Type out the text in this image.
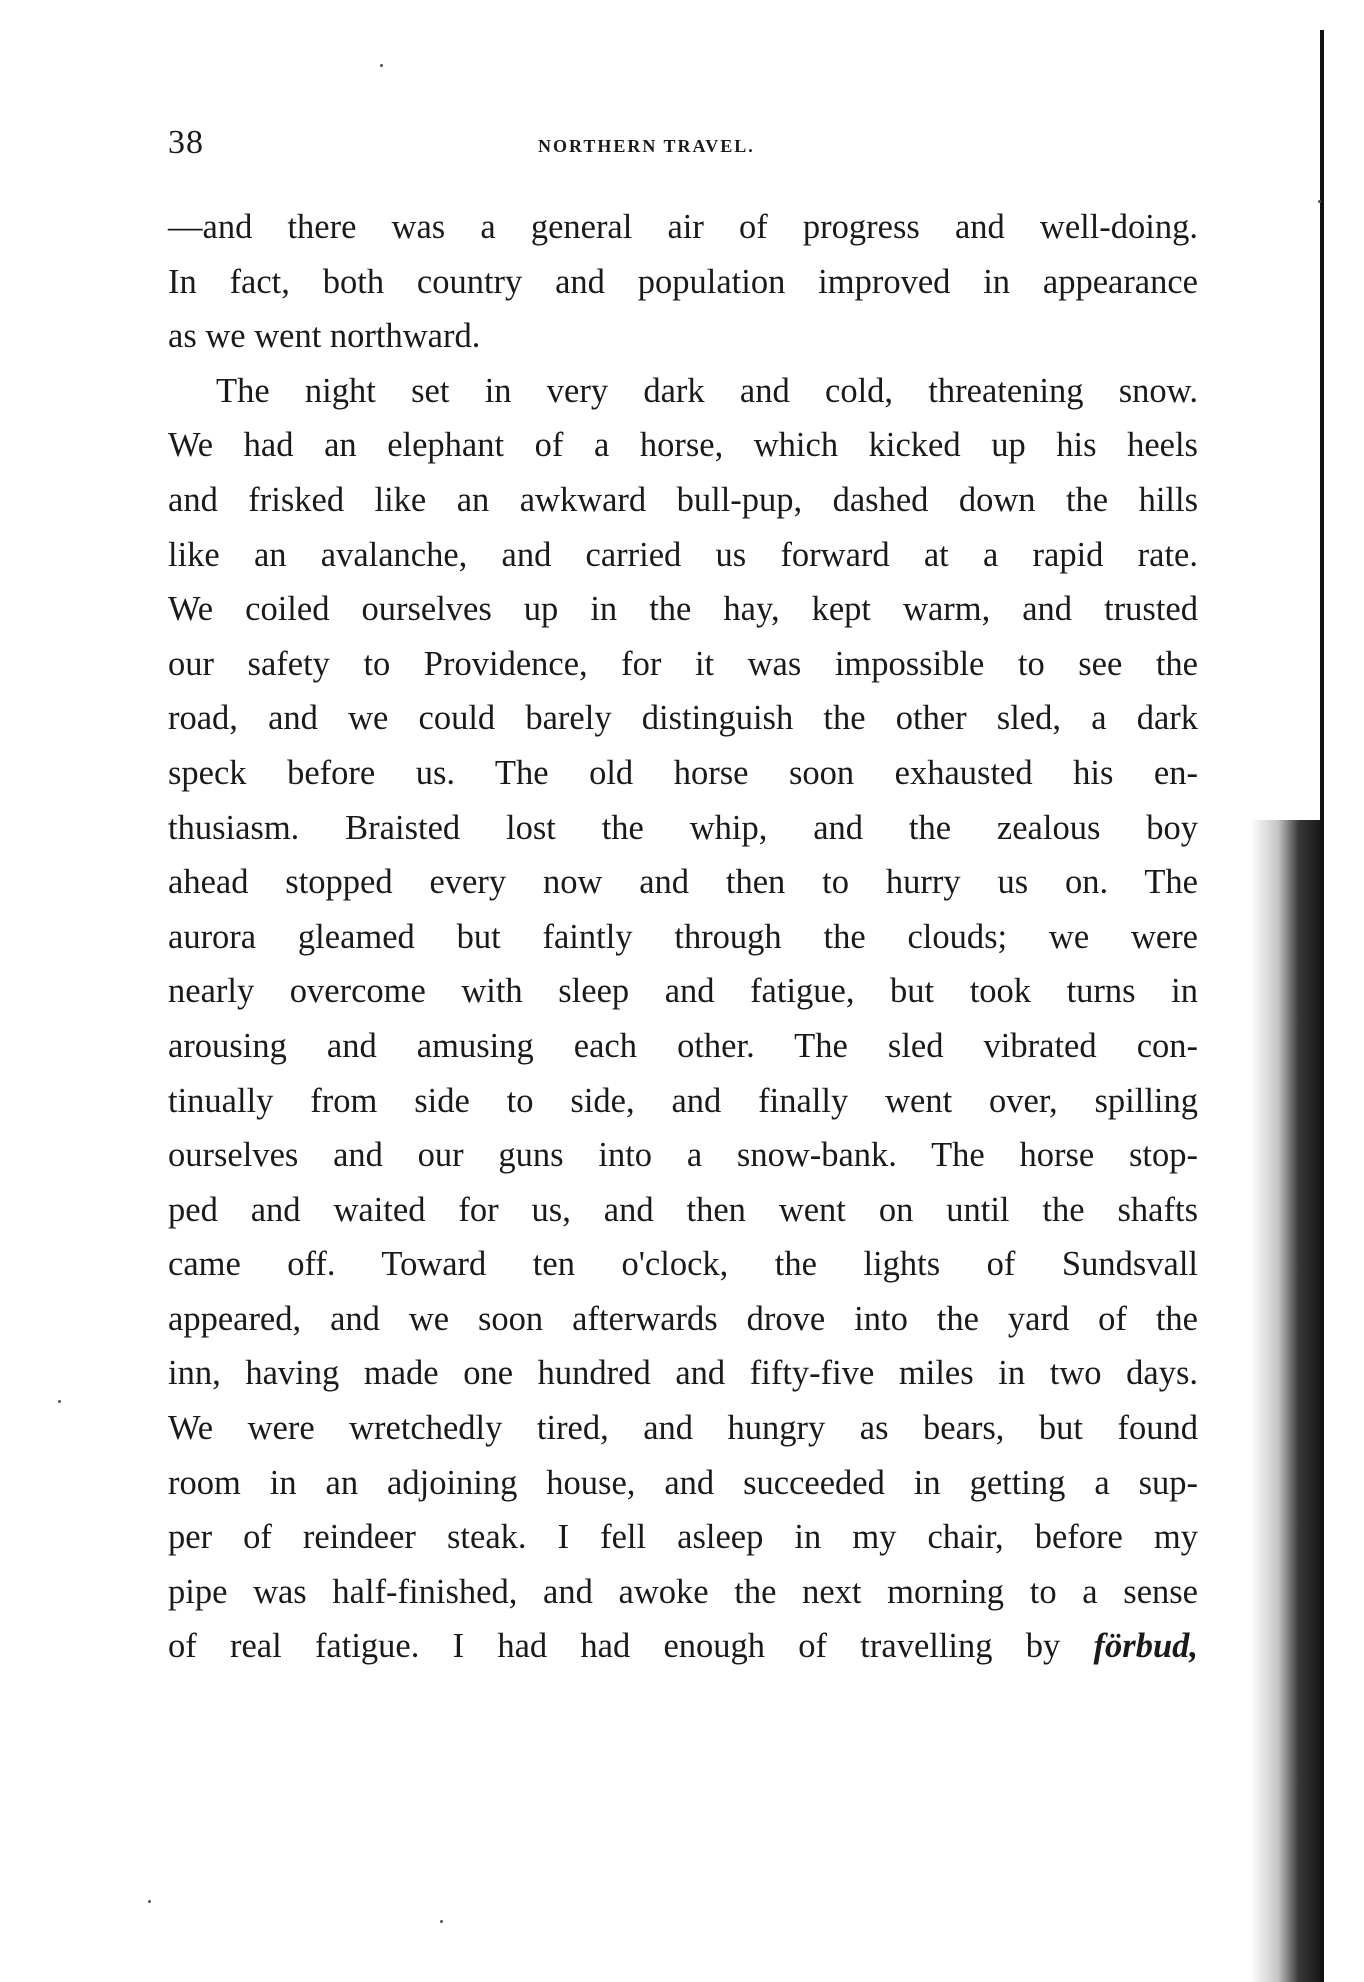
38	NORTHERN TRAVEL.
—and there was a general air of progress and well-doing.
In fact, both country and population improved in appearance
as we went northward.
The night set in very dark and cold, threatening snow.
We had an elephant of a horse, which kicked up his heels
and frisked like an awkward bull-pup, dashed down the hills
like an avalanche, and carried us forward at a rapid rate.
We coiled ourselves up in the hay, kept warm, and trusted
our safety to Providence, for it was impossible to see the
road, and we could barely distinguish the other sled, a dark
speck before us. The old horse soon exhausted his en-
thusiasm. Braisted lost the whip, and the zealous boy
ahead stopped every now and then to hurry us on. The
aurora gleamed but faintly through the clouds; we were
nearly overcome with sleep and fatigue, but took turns in
arousing and amusing each other. The sled vibrated con-
tinually from side to side, and finally went over, spilling
ourselves and our guns into a snow-bank. The horse stop-
ped and waited for us, and then went on until the shafts
came off. Toward ten o'clock, the lights of Sundsvall
appeared, and we soon afterwards drove into the yard of the
inn, having made one hundred and fifty-five miles in two days.
We were wretchedly tired, and hungry as bears, but found
room in an adjoining house, and succeeded in getting a sup-
per of reindeer steak. I fell asleep in my chair, before my
pipe was half-finished, and awoke the next morning to a sense
of real fatigue. I had had enough of travelling by förbud,
